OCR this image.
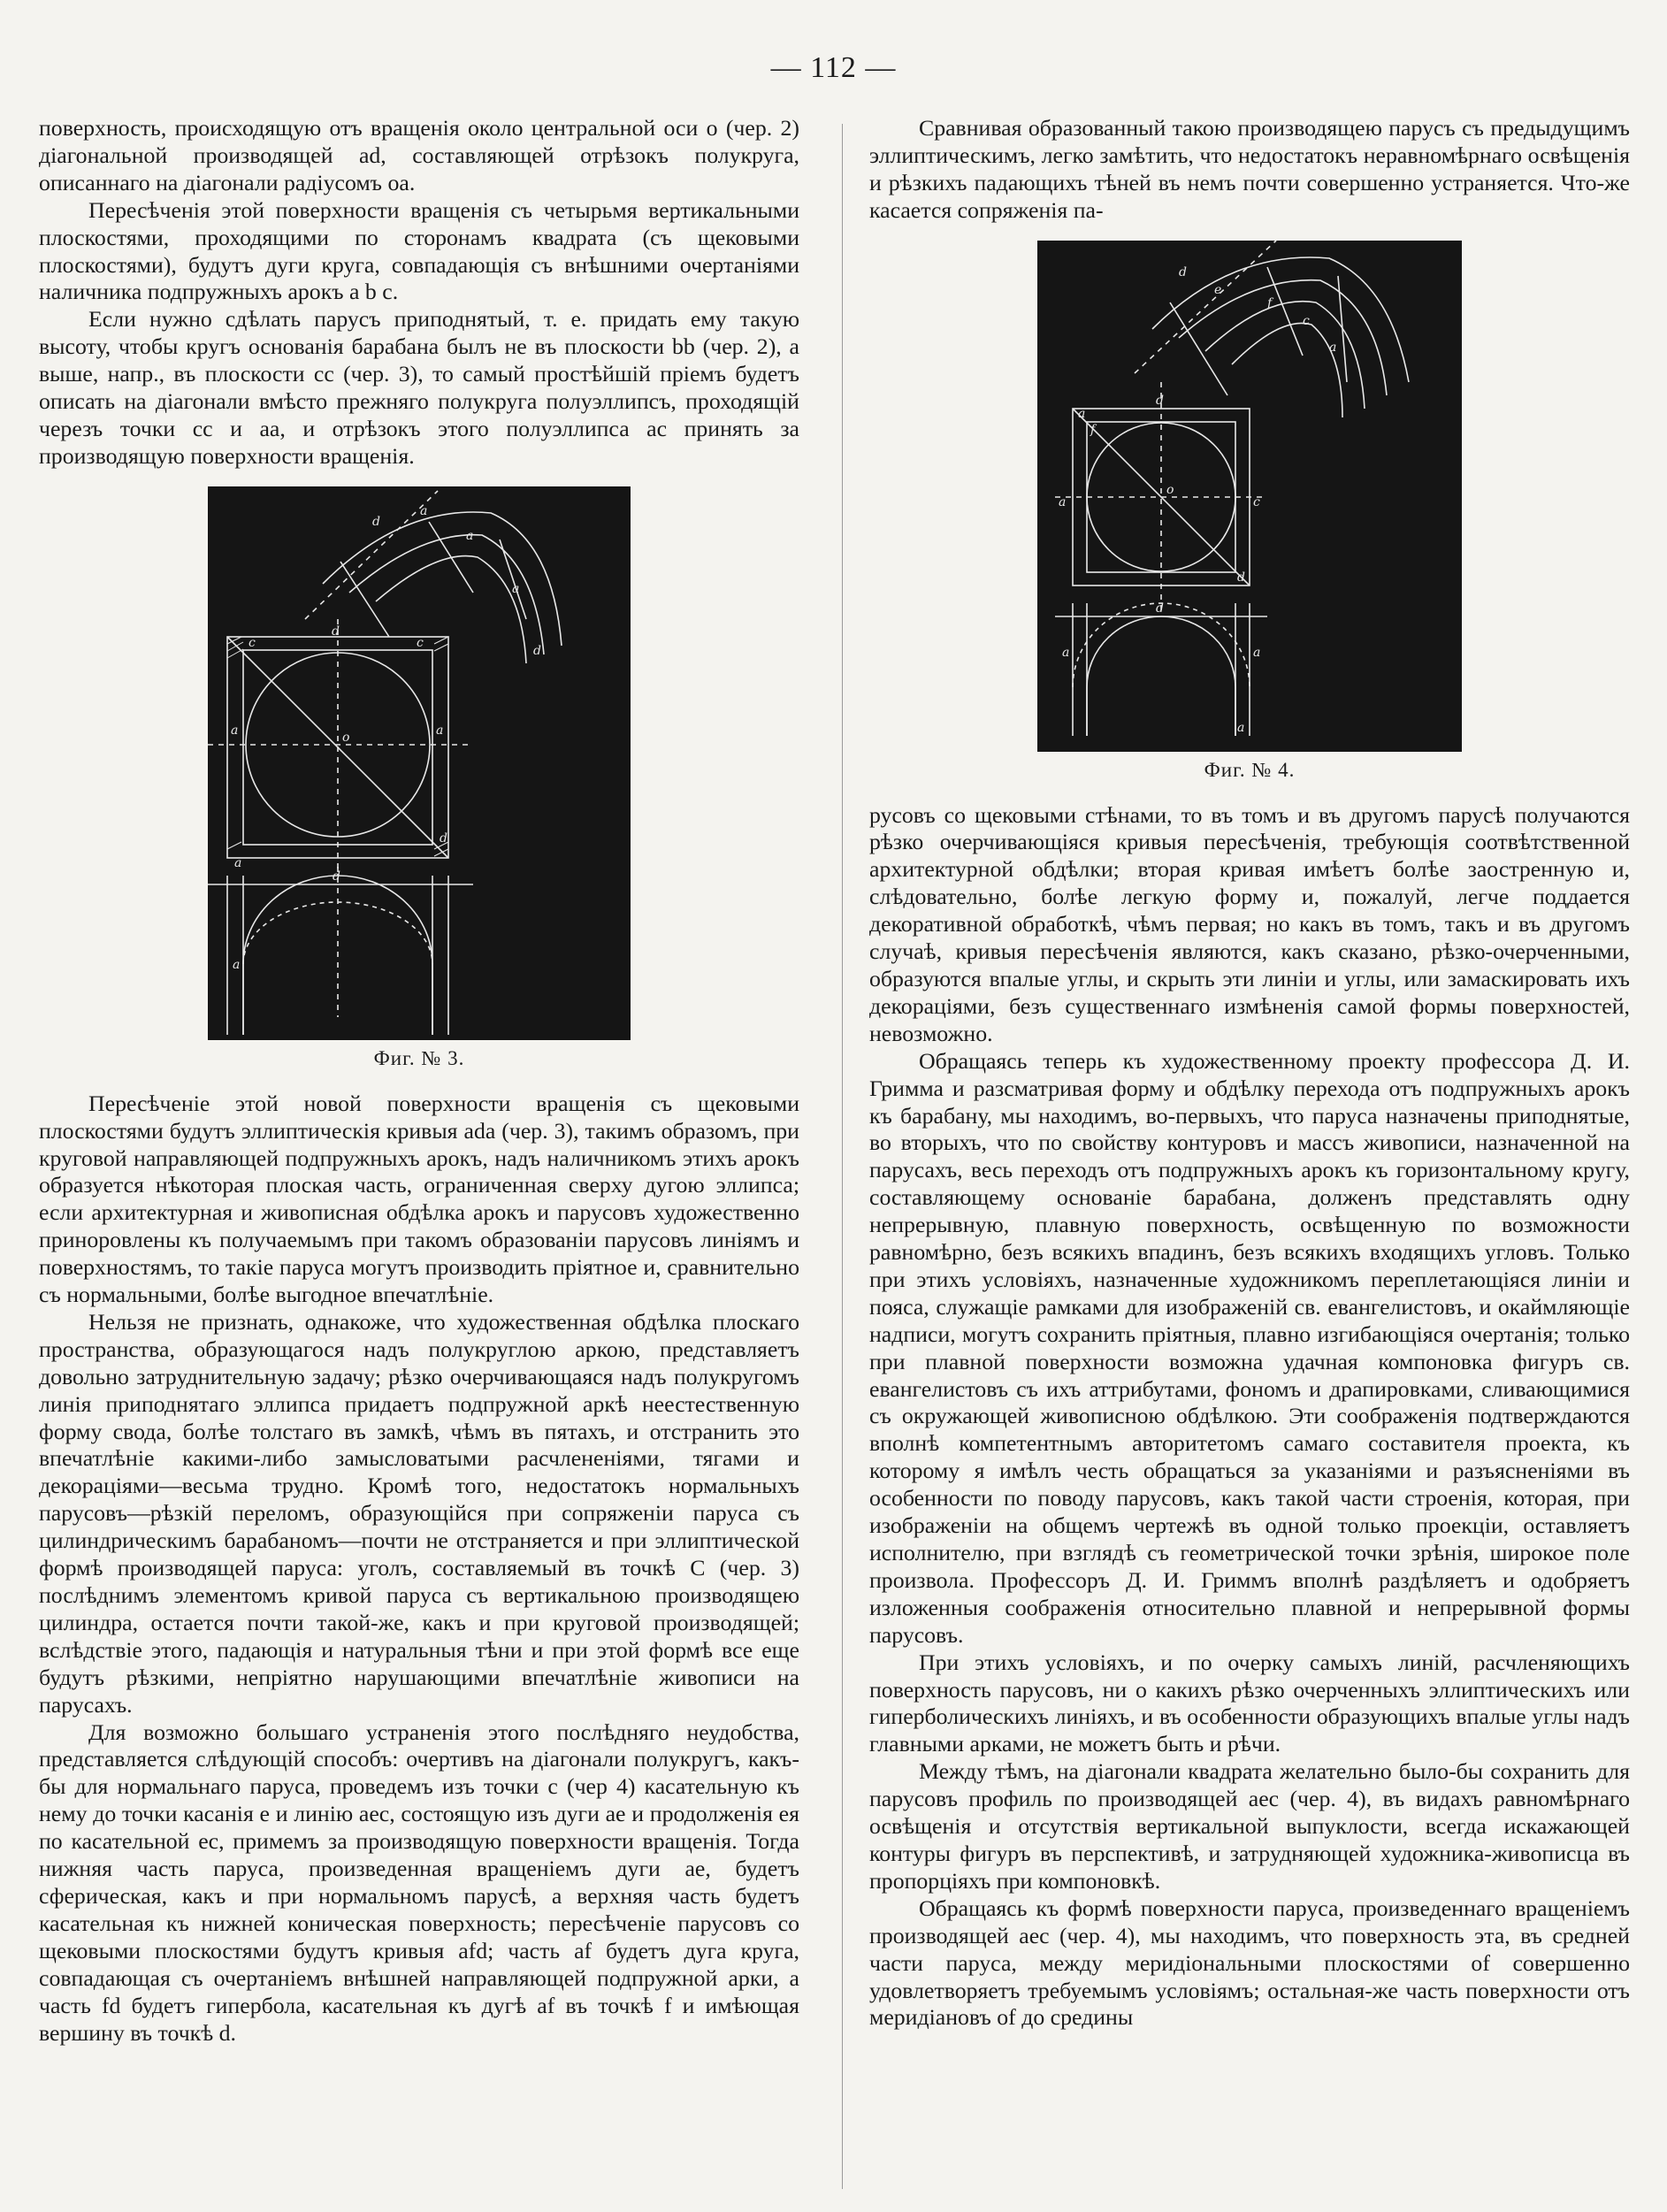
— 112 —

поверхность, происходящую отъ вращенія около центральной оси o (чер. 2) діагональной производящей ad, составляющей отрѣзокъ полукруга, описаннаго на діагонали радіусомъ oa.

Пересѣченія этой поверхности вращенія съ четырьмя вертикальными плоскостями, проходящими по сторонамъ квадрата (съ щековыми плоскостями), будутъ дуги круга, совпадающія съ внѣшними очертаніями наличника подпружныхъ арокъ a b c.

Если нужно сдѣлать парусъ приподнятый, т. е. придать ему такую высоту, чтобы кругъ основанія барабана былъ не въ плоскости bb (чер. 2), а выше, напр., въ плоскости cc (чер. 3), то самый простѣйшій пріемъ будетъ описать на діагонали вмѣсто прежняго полукруга полуэллипсъ, проходящій черезъ точки cc и aa, и отрѣзокъ этого полуэллипса ac принять за производящую поверхности вращенія.

c	c
d
d
a	a
a
d
o
a
d
a
a
a
d
Фиг. № 3.

Пересѣченіе этой новой поверхности вращенія съ щековыми плоскостями будутъ эллиптическія кривыя ada (чер. 3), такимъ образомъ, при круговой направляющей подпружныхъ арокъ, надъ наличникомъ этихъ арокъ образуется нѣкоторая плоская часть, ограниченная сверху дугою эллипса; если архитектурная и живописная обдѣлка арокъ и парусовъ художественно приноровлены къ получаемымъ при такомъ образованіи парусовъ линіямъ и поверхностямъ, то такіе паруса могутъ производить пріятное и, сравнительно съ нормальными, болѣе выгодное впечатлѣніе.

Нельзя не признать, однакоже, что художественная обдѣлка плоскаго пространства, образующагося надъ полукруглою аркою, представляетъ довольно затруднительную задачу; рѣзко очерчивающаяся надъ полукругомъ линія приподнятаго эллипса придаетъ подпружной аркѣ неестественную форму свода, болѣе толстаго въ замкѣ, чѣмъ въ пятахъ, и отстранить это впечатлѣніе какими-либо замысловатыми расчлененіями, тягами и декораціями—весьма трудно. Кромѣ того, недостатокъ нормальныхъ парусовъ—рѣзкій переломъ, образующійся при сопряженіи паруса съ цилиндрическимъ барабаномъ—почти не отстраняется и при эллиптической формѣ производящей паруса: уголъ, составляемый въ точкѣ C (чер. 3) послѣднимъ элементомъ кривой паруса съ вертикальною производящею цилиндра, остается почти такой-же, какъ и при круговой производящей; вслѣдствіе этого, падающія и натуральныя тѣни и при этой формѣ все еще будутъ рѣзкими, непріятно нарушающими впечатлѣніе живописи на парусахъ.

Для возможно большаго устраненія этого послѣдняго неудобства, представляется слѣдующій способъ: очертивъ на діагонали полукругъ, какъ-бы для нормальнаго паруса, проведемъ изъ точки c (чер 4) касательную къ нему до точки касанія e и линію aec, состоящую изъ дуги ae и продолженія ея по касательной ec, примемъ за производящую поверхности вращенія. Тогда нижняя часть паруса, произведенная вращеніемъ дуги ae, будетъ сферическая, какъ и при нормальномъ парусѣ, а верхняя часть будетъ касательная къ нижней коническая поверхность; пересѣченіе парусовъ со щековыми плоскостями будутъ кривыя afd; часть af будетъ дуга круга, совпадающая съ очертаніемъ внѣшней направляющей подпружной арки, а часть fd будетъ гипербола, касательная къ дугѣ af въ точкѣ f и имѣющая вершину въ точкѣ d.

Сравнивая образованный такою производящею парусъ съ предыдущимъ эллиптическимъ, легко замѣтить, что недостатокъ неравномѣрнаго освѣщенія и рѣзкихъ падающихъ тѣней въ немъ почти совершенно устраняется. Что-же касается сопряженія па-

d
e
f
c
a
a
f
d
d
o
a	c
a	a
d
a
Фиг. № 4.

русовъ со щековыми стѣнами, то въ томъ и въ другомъ парусѣ получаются рѣзко очерчивающіяся кривыя пересѣченія, требующія соотвѣтственной архитектурной обдѣлки; вторая кривая имѣетъ болѣе заостренную и, слѣдовательно, болѣе легкую форму и, пожалуй, легче поддается декоративной обработкѣ, чѣмъ первая; но какъ въ томъ, такъ и въ другомъ случаѣ, кривыя пересѣченія являются, какъ сказано, рѣзко-очерченными, образуются впалые углы, и скрыть эти линіи и углы, или замаскировать ихъ декораціями, безъ существеннаго измѣненія самой формы поверхностей, невозможно.

Обращаясь теперь къ художественному проекту профессора Д. И. Гримма и разсматривая форму и обдѣлку перехода отъ подпружныхъ арокъ къ барабану, мы находимъ, во-первыхъ, что паруса назначены приподнятые, во вторыхъ, что по свойству контуровъ и массъ живописи, назначенной на парусахъ, весь переходъ отъ подпружныхъ арокъ къ горизонтальному кругу, составляющему основаніе барабана, долженъ представлять одну непрерывную, плавную поверхность, освѣщенную по возможности равномѣрно, безъ всякихъ впадинъ, безъ всякихъ входящихъ угловъ. Только при этихъ условіяхъ, назначенные художникомъ переплетающіяся линіи и пояса, служащіе рамками для изображеній св. евангелистовъ, и окаймляющіе надписи, могутъ сохранить пріятныя, плавно изгибающіяся очертанія; только при плавной поверхности возможна удачная компоновка фигуръ св. евангелистовъ съ ихъ аттрибутами, фономъ и драпировками, сливающимися съ окружающей живописною обдѣлкою. Эти соображенія подтверждаются вполнѣ компетентнымъ авторитетомъ самаго составителя проекта, къ которому я имѣлъ честь обращаться за указаніями и разъясненіями въ особенности по поводу парусовъ, какъ такой части строенія, которая, при изображеніи на общемъ чертежѣ въ одной только проекціи, оставляетъ исполнителю, при взглядѣ съ геометрической точки зрѣнія, широкое поле произвола. Профессоръ Д. И. Гриммъ вполнѣ раздѣляетъ и одобряетъ изложенныя соображенія относительно плавной и непрерывной формы парусовъ.

При этихъ условіяхъ, и по очерку самыхъ линій, расчленяющихъ поверхность парусовъ, ни о какихъ рѣзко очерченныхъ эллиптическихъ или гиперболическихъ линіяхъ, и въ особенности образующихъ впалые углы надъ главными арками, не можетъ быть и рѣчи.

Между тѣмъ, на діагонали квадрата желательно было-бы сохранить для парусовъ профиль по производящей aec (чер. 4), въ видахъ равномѣрнаго освѣщенія и отсутствія вертикальной выпуклости, всегда искажающей контуры фигуръ въ перспективѣ, и затрудняющей художника-живописца въ пропорціяхъ при компоновкѣ.

Обращаясь къ формѣ поверхности паруса, произведеннаго вращеніемъ производящей aec (чер. 4), мы находимъ, что поверхность эта, въ средней части паруса, между меридіональными плоскостями of совершенно удовлетворяетъ требуемымъ условіямъ; остальная-же часть поверхности отъ меридіановъ of до средины
